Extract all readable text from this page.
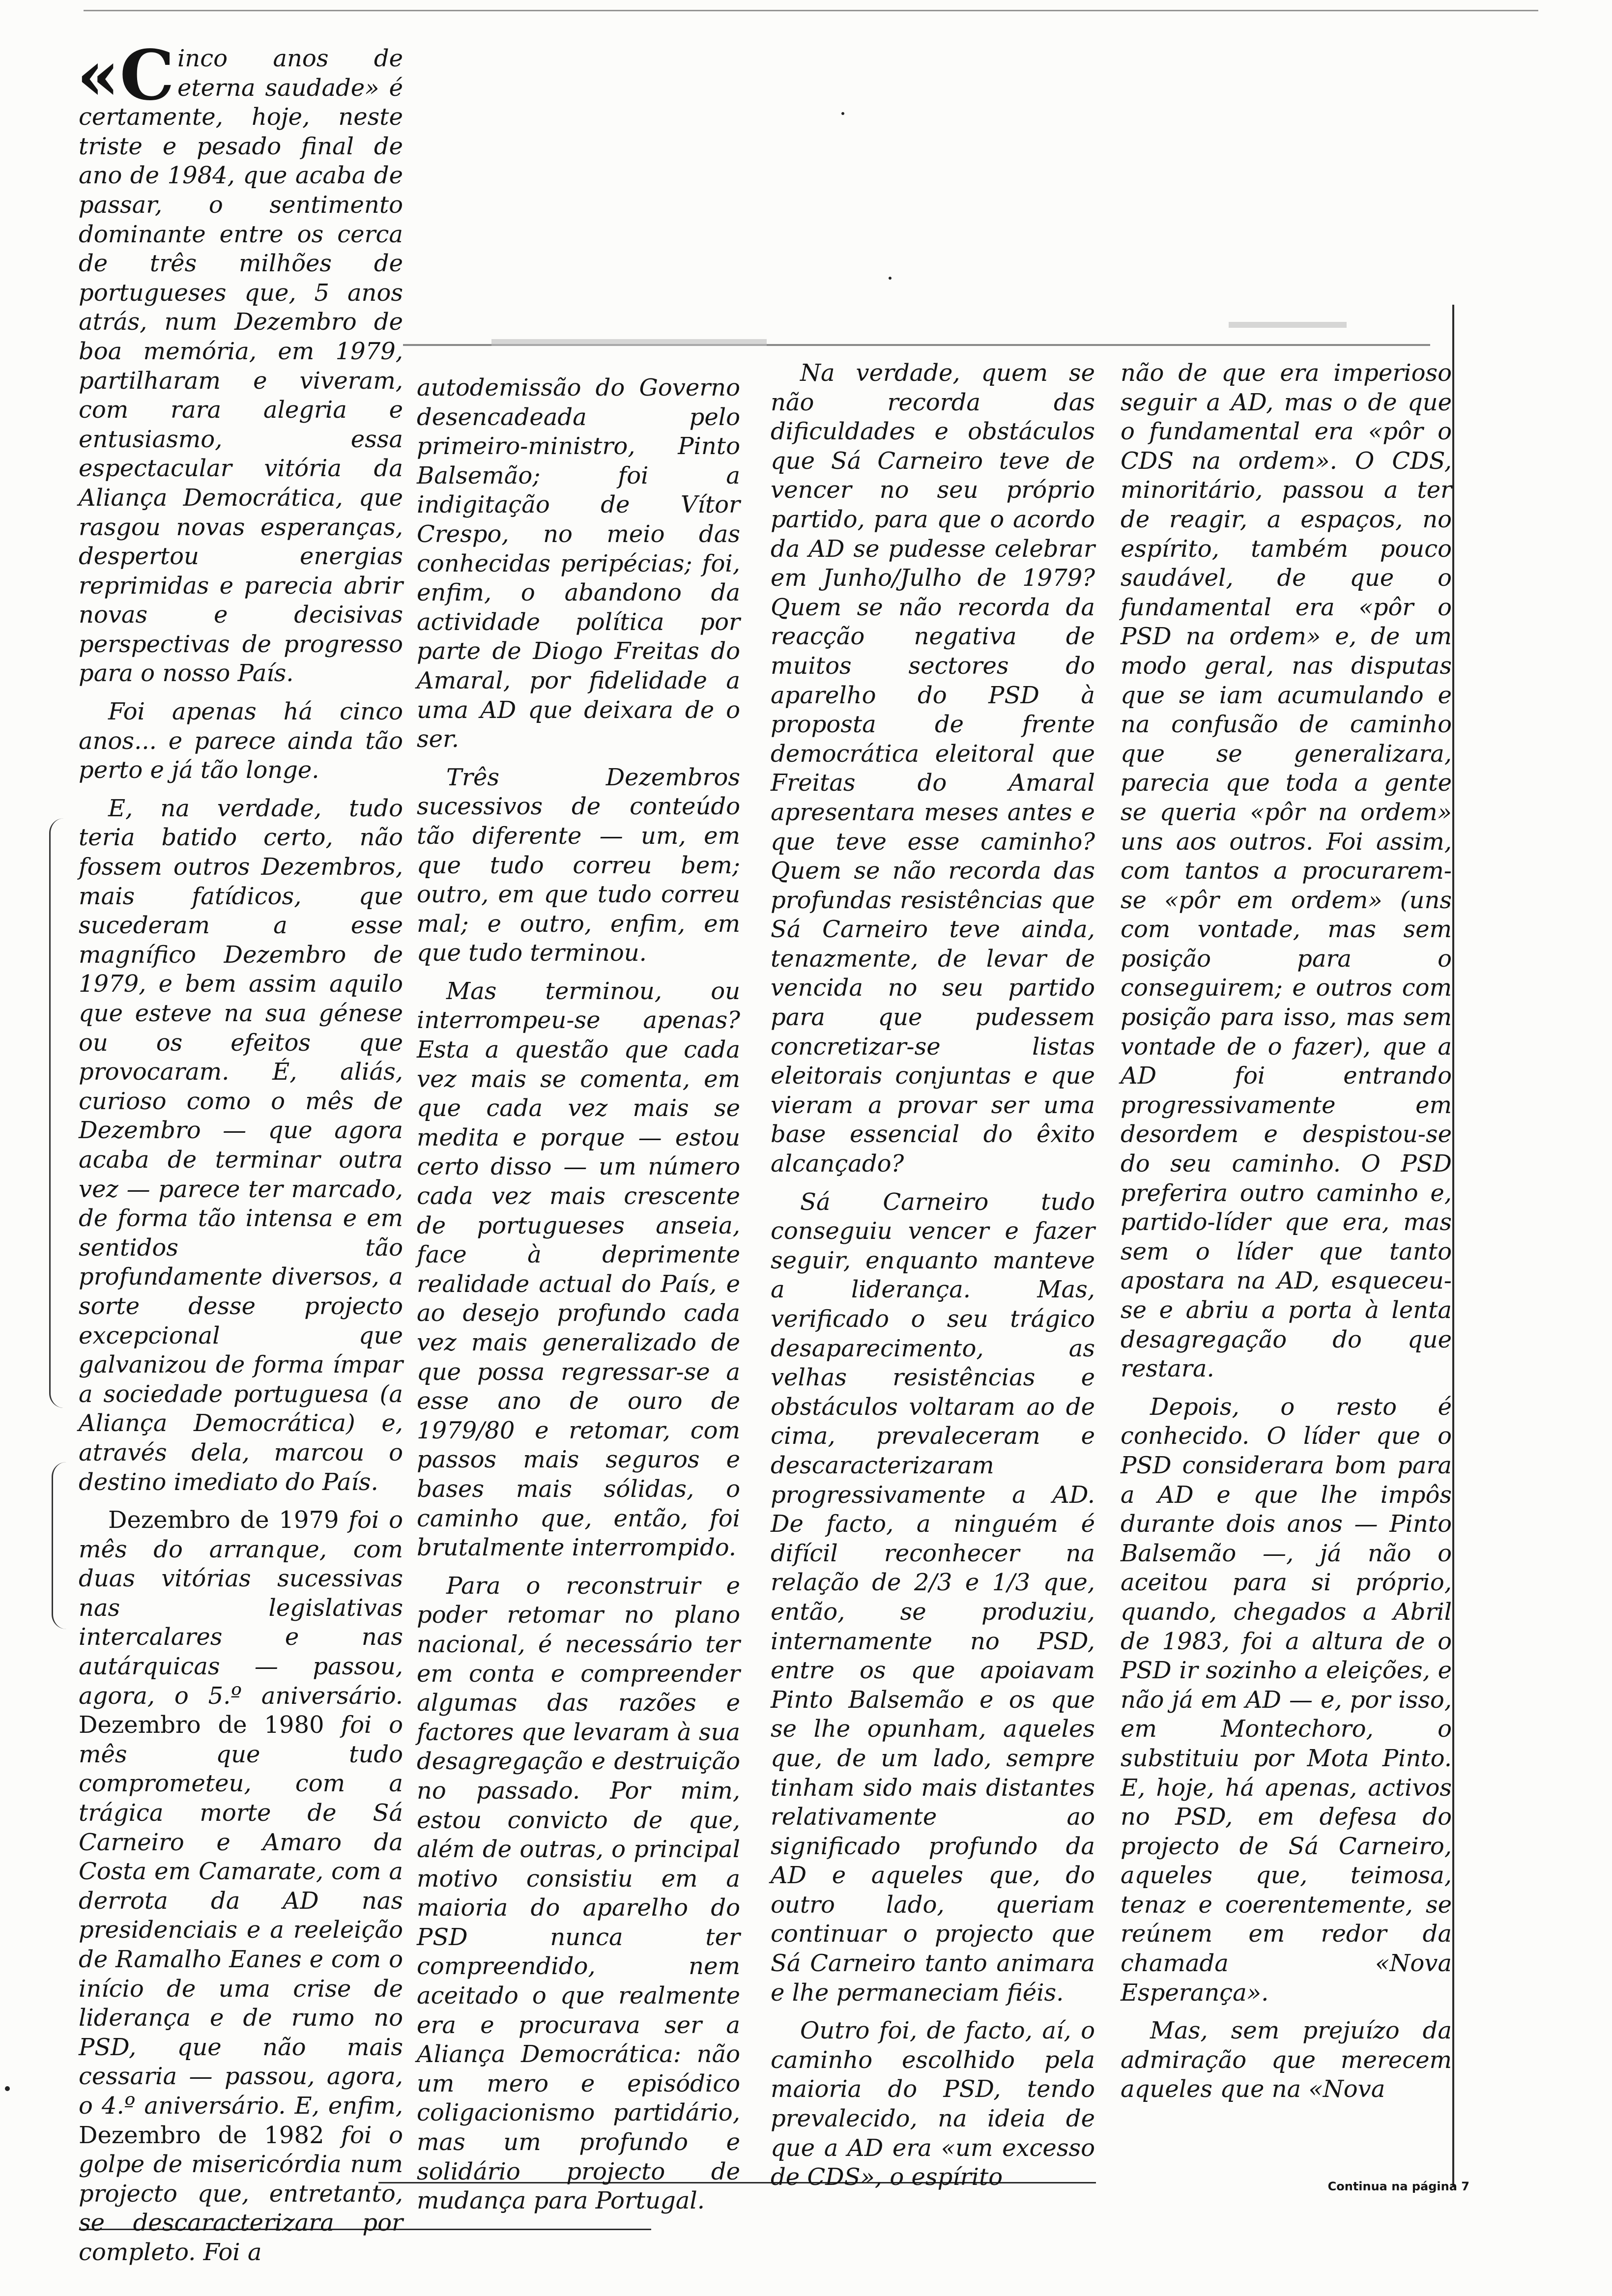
«Cinco anos de eterna saudade» é certamente, hoje, neste triste e pesado final de ano de 1984, que acaba de passar, o sentimento dominante entre os cerca de três milhões de portugueses que, 5 anos atrás, num Dezembro de boa memória, em 1979, partilharam e viveram, com rara alegria e entusiasmo, essa espectacular vitória da Aliança Democrática, que rasgou novas esperanças, despertou energias reprimidas e parecia abrir novas e decisivas perspectivas de progresso para o nosso País.

Foi apenas há cinco anos... e parece ainda tão perto e já tão longe.

E, na verdade, tudo teria batido certo, não fossem outros Dezembros, mais fatídicos, que sucederam a esse magnífico Dezembro de 1979, e bem assim aquilo que esteve na sua génese ou os efeitos que provocaram. É, aliás, curioso como o mês de Dezembro — que agora acaba de terminar outra vez — parece ter marcado, de forma tão intensa e em sentidos tão profundamente diversos, a sorte desse projecto excepcional que galvanizou de forma ímpar a sociedade portuguesa (a Aliança Democrática) e, através dela, marcou o destino imediato do País.

Dezembro de 1979 foi o mês do arranque, com duas vitórias sucessivas nas legislativas intercalares e nas autárquicas — passou, agora, o 5.º aniversário. Dezembro de 1980 foi o mês que tudo comprometeu, com a trágica morte de Sá Carneiro e Amaro da Costa em Camarate, com a derrota da AD nas presidenciais e a reeleição de Ramalho Eanes e com o início de uma crise de liderança e de rumo no PSD, que não mais cessaria — passou, agora, o 4.º aniversário. E, enfim, Dezembro de 1982 foi o golpe de misericórdia num projecto que, entretanto, se descaracterizara por completo. Foi a

autodemissão do Governo desencadeada pelo primeiro-ministro, Pinto Balsemão; foi a indigitação de Vítor Crespo, no meio das conhecidas peripécias; foi, enfim, o abandono da actividade política por parte de Diogo Freitas do Amaral, por fidelidade a uma AD que deixara de o ser.

Três Dezembros sucessivos de conteúdo tão diferente — um, em que tudo correu bem; outro, em que tudo correu mal; e outro, enfim, em que tudo terminou.

Mas terminou, ou interrompeu-se apenas? Esta a questão que cada vez mais se comenta, em que cada vez mais se medita e porque — estou certo disso — um número cada vez mais crescente de portugueses anseia, face à deprimente realidade actual do País, e ao desejo profundo cada vez mais generalizado de que possa regressar-se a esse ano de ouro de 1979/80 e retomar, com passos mais seguros e bases mais sólidas, o caminho que, então, foi brutalmente interrompido.

Para o reconstruir e poder retomar no plano nacional, é necessário ter em conta e compreender algumas das razões e factores que levaram à sua desagregação e destruição no passado. Por mim, estou convicto de que, além de outras, o principal motivo consistiu em a maioria do aparelho do PSD nunca ter compreendido, nem aceitado o que realmente era e procurava ser a Aliança Democrática: não um mero e episódico coligacionismo partidário, mas um profundo e solidário projecto de mudança para Portugal.

Na verdade, quem se não recorda das dificuldades e obstáculos que Sá Carneiro teve de vencer no seu próprio partido, para que o acordo da AD se pudesse celebrar em Junho/Julho de 1979? Quem se não recorda da reacção negativa de muitos sectores do aparelho do PSD à proposta de frente democrática eleitoral que Freitas do Amaral apresentara meses antes e que teve esse caminho? Quem se não recorda das profundas resistências que Sá Carneiro teve ainda, tenazmente, de levar de vencida no seu partido para que pudessem concretizar-se listas eleitorais conjuntas e que vieram a provar ser uma base essencial do êxito alcançado?

Sá Carneiro tudo conseguiu vencer e fazer seguir, enquanto manteve a liderança. Mas, verificado o seu trágico desaparecimento, as velhas resistências e obstáculos voltaram ao de cima, prevaleceram e descaracterizaram progressivamente a AD. De facto, a ninguém é difícil reconhecer na relação de 2/3 e 1/3 que, então, se produziu, internamente no PSD, entre os que apoiavam Pinto Balsemão e os que se lhe opunham, aqueles que, de um lado, sempre tinham sido mais distantes relativamente ao significado profundo da AD e aqueles que, do outro lado, queriam continuar o projecto que Sá Carneiro tanto animara e lhe permaneciam fiéis.

Outro foi, de facto, aí, o caminho escolhido pela maioria do PSD, tendo prevalecido, na ideia de que a AD era «um excesso de CDS», o espírito

não de que era imperioso seguir a AD, mas o de que o fundamental era «pôr o CDS na ordem». O CDS, minoritário, passou a ter de reagir, a espaços, no espírito, também pouco saudável, de que o fundamental era «pôr o PSD na ordem» e, de um modo geral, nas disputas que se iam acumulando e na confusão de caminho que se generalizara, parecia que toda a gente se queria «pôr na ordem» uns aos outros. Foi assim, com tantos a procurarem-se «pôr em ordem» (uns com vontade, mas sem posição para o conseguirem; e outros com posição para isso, mas sem vontade de o fazer), que a AD foi entrando progressivamente em desordem e despistou-se do seu caminho. O PSD preferira outro caminho e, partido-líder que era, mas sem o líder que tanto apostara na AD, esqueceu-se e abriu a porta à lenta desagregação do que restara.

Depois, o resto é conhecido. O líder que o PSD considerara bom para a AD e que lhe impôs durante dois anos — Pinto Balsemão —, já não o aceitou para si próprio, quando, chegados a Abril de 1983, foi a altura de o PSD ir sozinho a eleições, e não já em AD — e, por isso, em Montechoro, o substituiu por Mota Pinto. E, hoje, há apenas, activos no PSD, em defesa do projecto de Sá Carneiro, aqueles que, teimosa, tenaz e coerentemente, se reúnem em redor da chamada «Nova Esperança».

Mas, sem prejuízo da admiração que merecem aqueles que na «Nova

Continua na página 7
